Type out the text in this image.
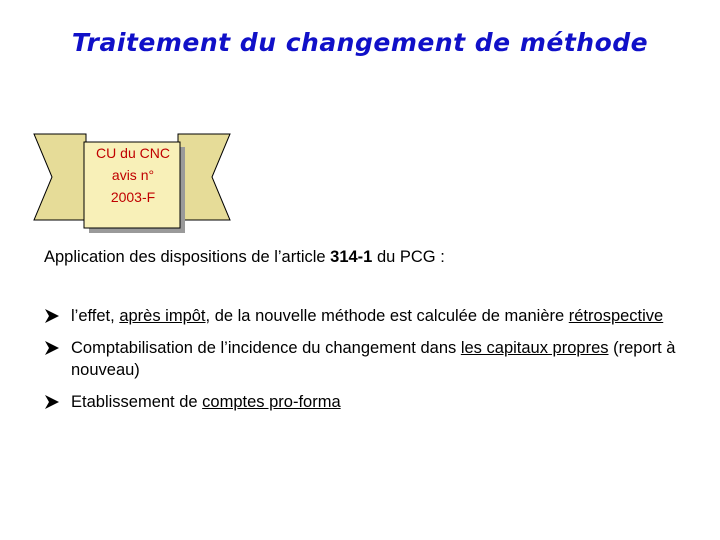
Traitement du changement de méthode
CU du CNC
avis n°
2003-F
Application des dispositions de l’article 314-1 du PCG :
l’effet, après impôt, de la nouvelle méthode est calculée de manière rétrospective
Comptabilisation de l’incidence du changement dans les capitaux propres (report à nouveau)
Etablissement de comptes pro-forma
